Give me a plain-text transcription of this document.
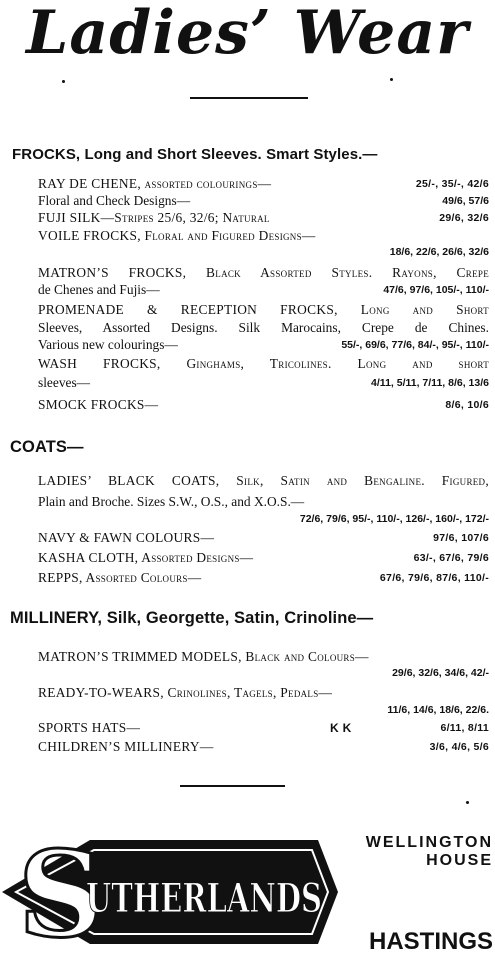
Ladies’ Wear
FROCKS, Long and Short Sleeves. Smart Styles.—
RAY DE CHENE, assorted colourings—	25/-, 35/-, 42/6
Floral and Check Designs—	49/6, 57/6
FUJI SILK—Stripes 25/6, 32/6; Natural	29/6, 32/6
VOILE FROCKS, Floral and Figured Designs—
18/6, 22/6, 26/6, 32/6
MATRON’S FROCKS, Black Assorted Styles. Rayons, Crepe
de Chenes and Fujis—	47/6, 97/6, 105/-, 110/-
PROMENADE & RECEPTION FROCKS, Long and Short
Sleeves, Assorted Designs. Silk Marocains, Crepe de Chines.
Various new colourings—	55/-, 69/6, 77/6, 84/-, 95/-, 110/-
WASH FROCKS, Ginghams, Tricolines. Long and short
sleeves—	4/11, 5/11, 7/11, 8/6, 13/6
SMOCK FROCKS—	8/6, 10/6
COATS—
LADIES’ BLACK COATS, Silk, Satin and Bengaline. Figured,
Plain and Broche. Sizes S.W., O.S., and X.O.S.—
72/6, 79/6, 95/-, 110/-, 126/-, 160/-, 172/-
NAVY & FAWN COLOURS—	97/6, 107/6
KASHA CLOTH, Assorted Designs—	63/-, 67/6, 79/6
REPPS, Assorted Colours—	67/6, 79/6, 87/6, 110/-
MILLINERY, Silk, Georgette, Satin, Crinoline—
MATRON’S TRIMMED MODELS, Black and Colours—
29/6, 32/6, 34/6, 42/-
READY-TO-WEARS, Crinolines, Tagels, Pedals—
11/6, 14/6, 18/6, 22/6.
SPORTS HATS—	K K	6/11, 8/11
CHILDREN’S MILLINERY—	3/6, 4/6, 5/6
S
UTHERLANDS
WELLINGTON
HOUSE
HASTINGS
